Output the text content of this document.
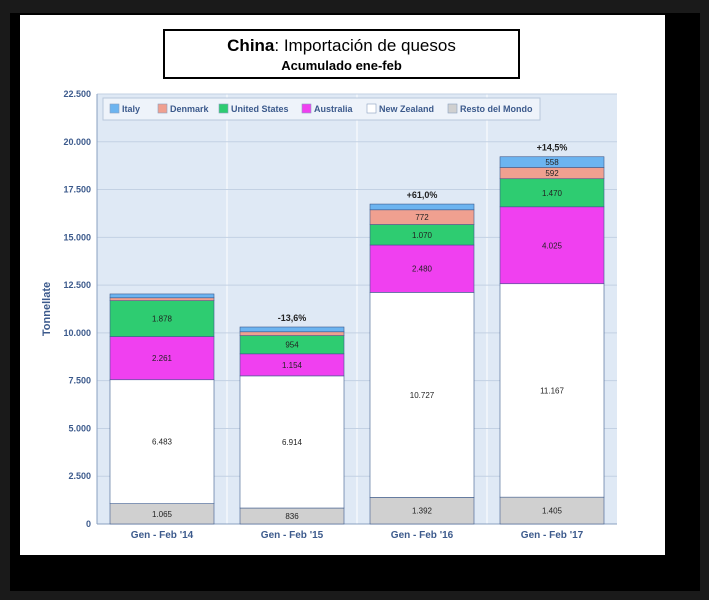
0
2.500
5.000
7.500
10.000
12.500
15.000
17.500
20.000
22.500
Tonnellate
1.065
6.483
2.261
1.878
Gen - Feb '14
836
6.914
1.154
954
-13,6%
Gen - Feb '15
1.392
10.727
2.480
1.070
772
+61,0%
Gen - Feb '16
1.405
11.167
4.025
1.470
592
558
+14,5%
Gen - Feb '17
Italy	Denmark United States	Australia	New Zealand	Resto del Mondo
China: Importación de quesos
Acumulado ene-feb
